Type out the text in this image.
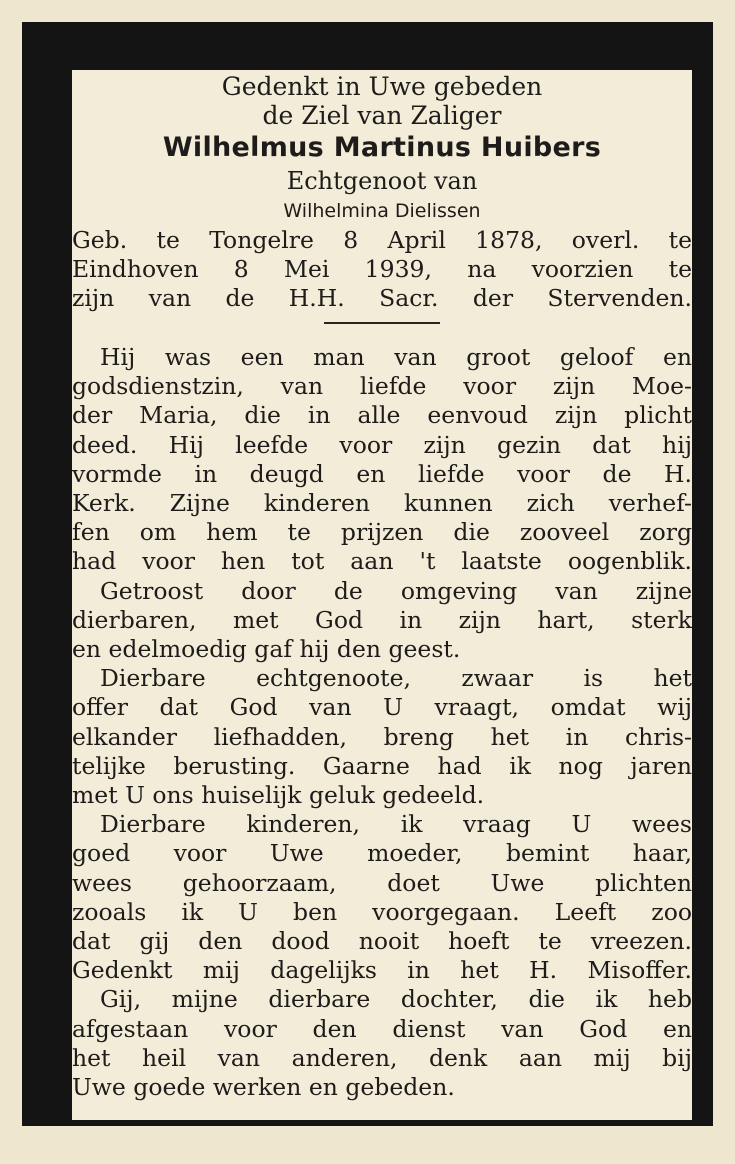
Gedenkt in Uwe gebeden
de Ziel van Zaliger
Wilhelmus Martinus Huibers
Echtgenoot van
Wilhelmina Dielissen
Geb. te Tongelre 8 April 1878, overl. te
Eindhoven 8 Mei 1939, na voorzien te
zijn van de H.H. Sacr. der Stervenden.

Hij was een man van groot geloof en
godsdienstzin, van liefde voor zijn Moe-
der Maria, die in alle eenvoud zijn plicht
deed. Hij leefde voor zijn gezin dat hij
vormde in deugd en liefde voor de H.
Kerk. Zijne kinderen kunnen zich verhef-
fen om hem te prijzen die zooveel zorg
had voor hen tot aan 't laatste oogenblik.

Getroost door de omgeving van zijne
dierbaren, met God in zijn hart, sterk
en edelmoedig gaf hij den geest.

Dierbare echtgenoote, zwaar is het
offer dat God van U vraagt, omdat wij
elkander liefhadden, breng het in chris-
telijke berusting. Gaarne had ik nog jaren
met U ons huiselijk geluk gedeeld.

Dierbare kinderen, ik vraag U wees
goed voor Uwe moeder, bemint haar,
wees gehoorzaam, doet Uwe plichten
zooals ik U ben voorgegaan. Leeft zoo
dat gij den dood nooit hoeft te vreezen.
Gedenkt mij dagelijks in het H. Misoffer.

Gij, mijne dierbare dochter, die ik heb
afgestaan voor den dienst van God en
het heil van anderen, denk aan mij bij
Uwe goede werken en gebeden.
